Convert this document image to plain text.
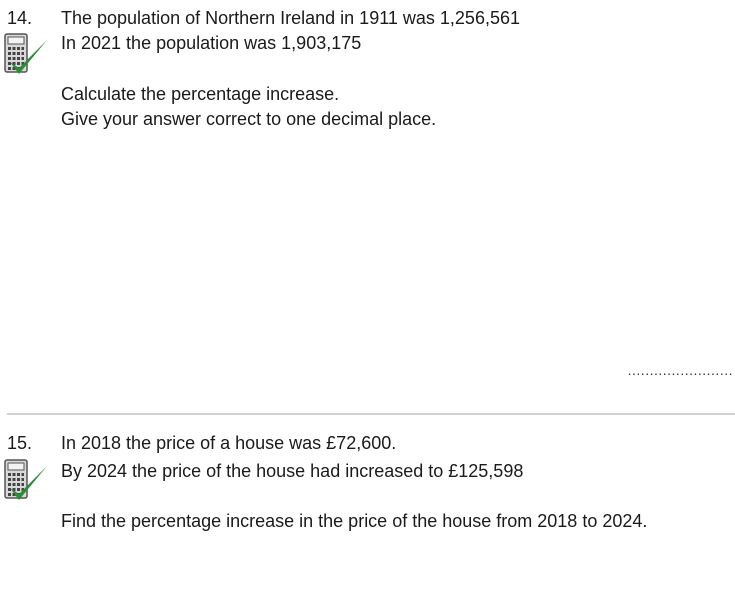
14. The population of Northern Ireland in 1911 was 1,256,561
In 2021 the population was 1,903,175
Calculate the percentage increase.
Give your answer correct to one decimal place.
........................
15. In 2018 the price of a house was £72,600.
By 2024 the price of the house had increased to £125,598
Find the percentage increase in the price of the house from 2018 to 2024.
